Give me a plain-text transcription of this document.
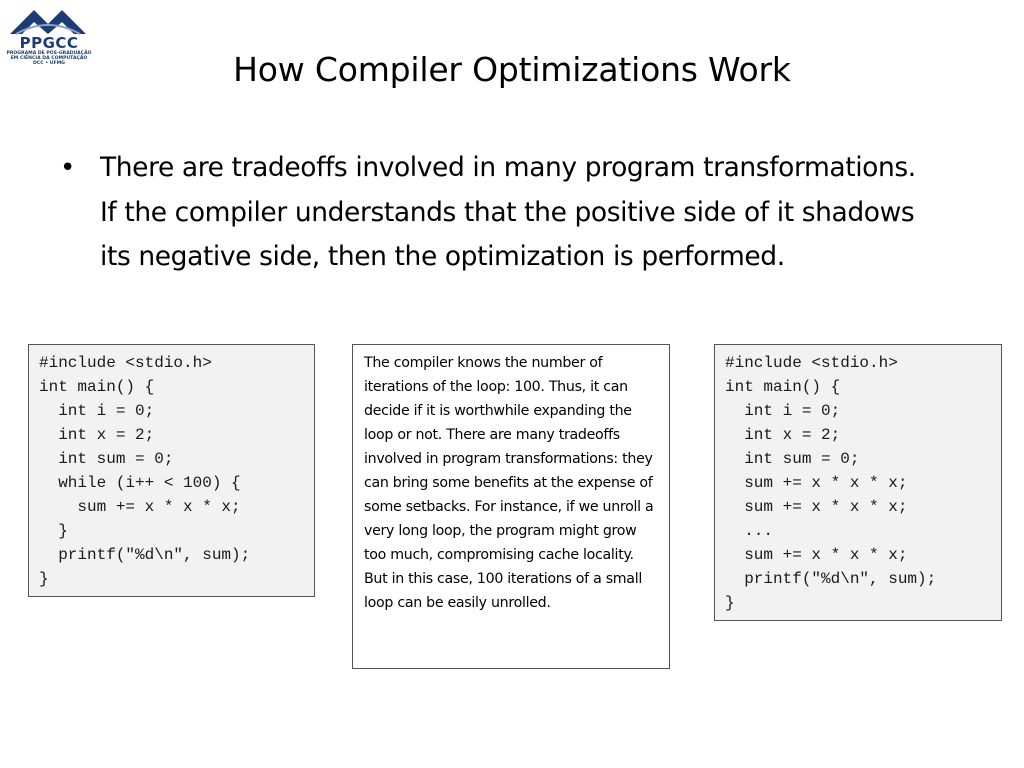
PPGCC
PROGRAMA DE PÓS-GRADUAÇÃO EM CIÊNCIA DA COMPUTAÇÃO DCC • UFMG	How Compiler Optimizations Work
• There are tradeoffs involved in many program transformations. If the compiler understands that the positive side of it shadows its negative side, then the optimization is performed.
#include <stdio.h>
int main() {
int i = 0;
int x = 2;
int sum = 0;
while (i++ < 100) {
sum += x * x * x;
}
printf("%d\n", sum);
}
The compiler knows the number of iterations of the loop: 100. Thus, it can decide if it is worthwhile expanding the loop or not. There are many tradeoffs involved in program transformations: they can bring some benefits at the expense of some setbacks. For instance, if we unroll a very long loop, the program might grow too much, compromising cache locality. But in this case, 100 iterations of a small loop can be easily unrolled.
#include <stdio.h>
int main() {
int i = 0;
int x = 2;
int sum = 0;
sum += x * x * x;
sum += x * x * x;
...
sum += x * x * x;
printf("%d\n", sum);
}
